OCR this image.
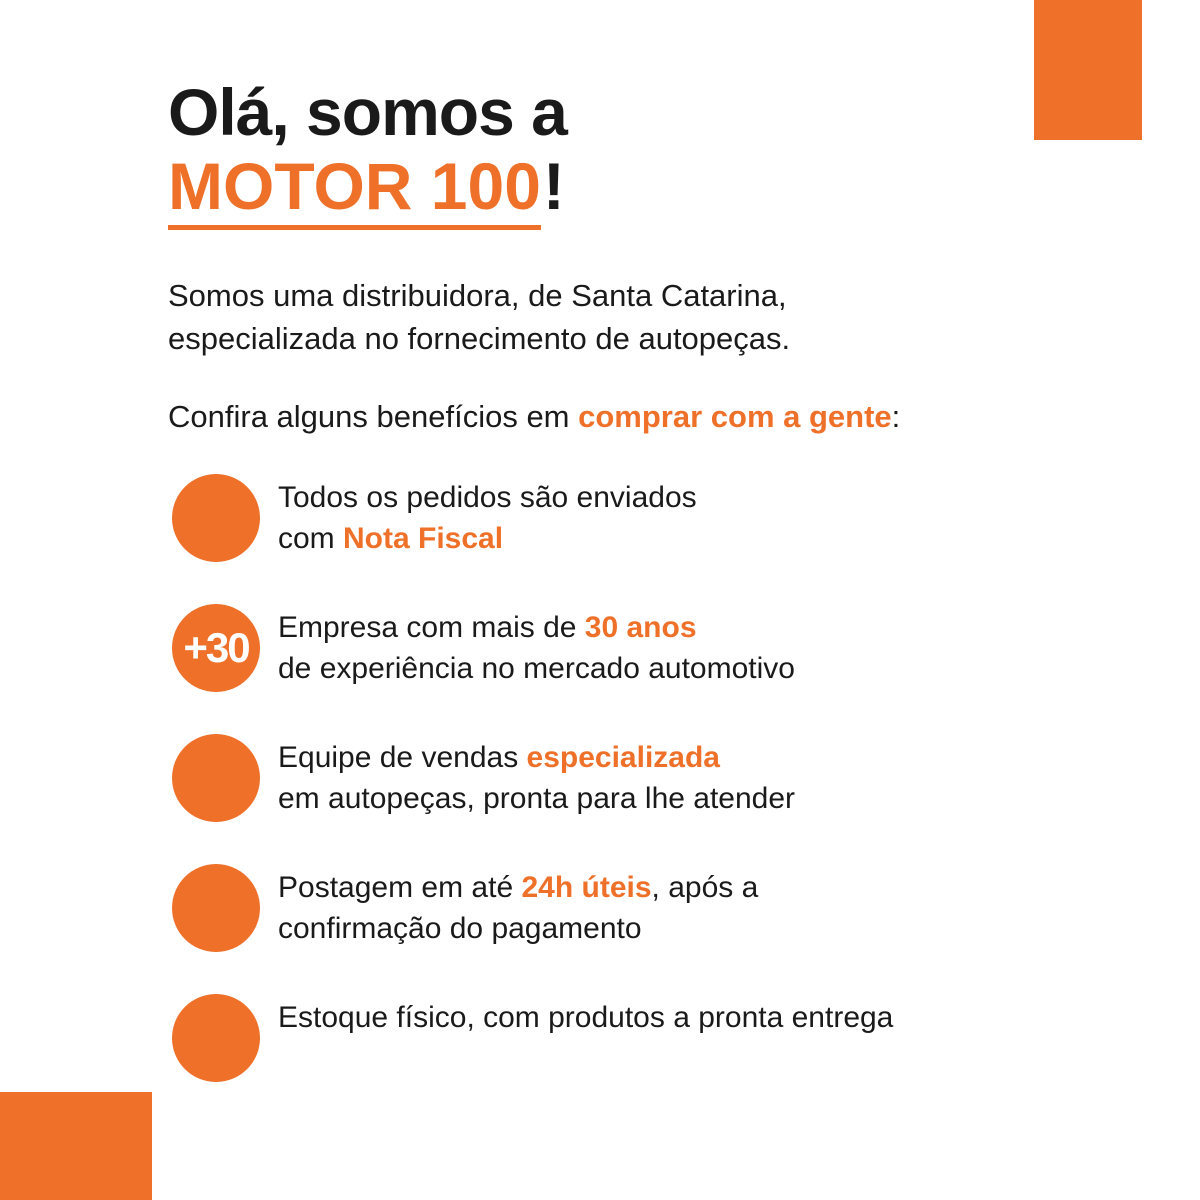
Olá, somos a
MOTOR 100 !
Somos uma distribuidora, de Santa Catarina,
especializada no fornecimento de autopeças.
Confira alguns benefícios em comprar com a gente:
Todos os pedidos são enviados
com Nota Fiscal
+30 Empresa com mais de 30 anos
de experiência no mercado automotivo
Equipe de vendas especializada
em autopeças, pronta para lhe atender
Postagem em até 24h úteis, após a
confirmação do pagamento
Estoque físico, com produtos a pronta entrega
